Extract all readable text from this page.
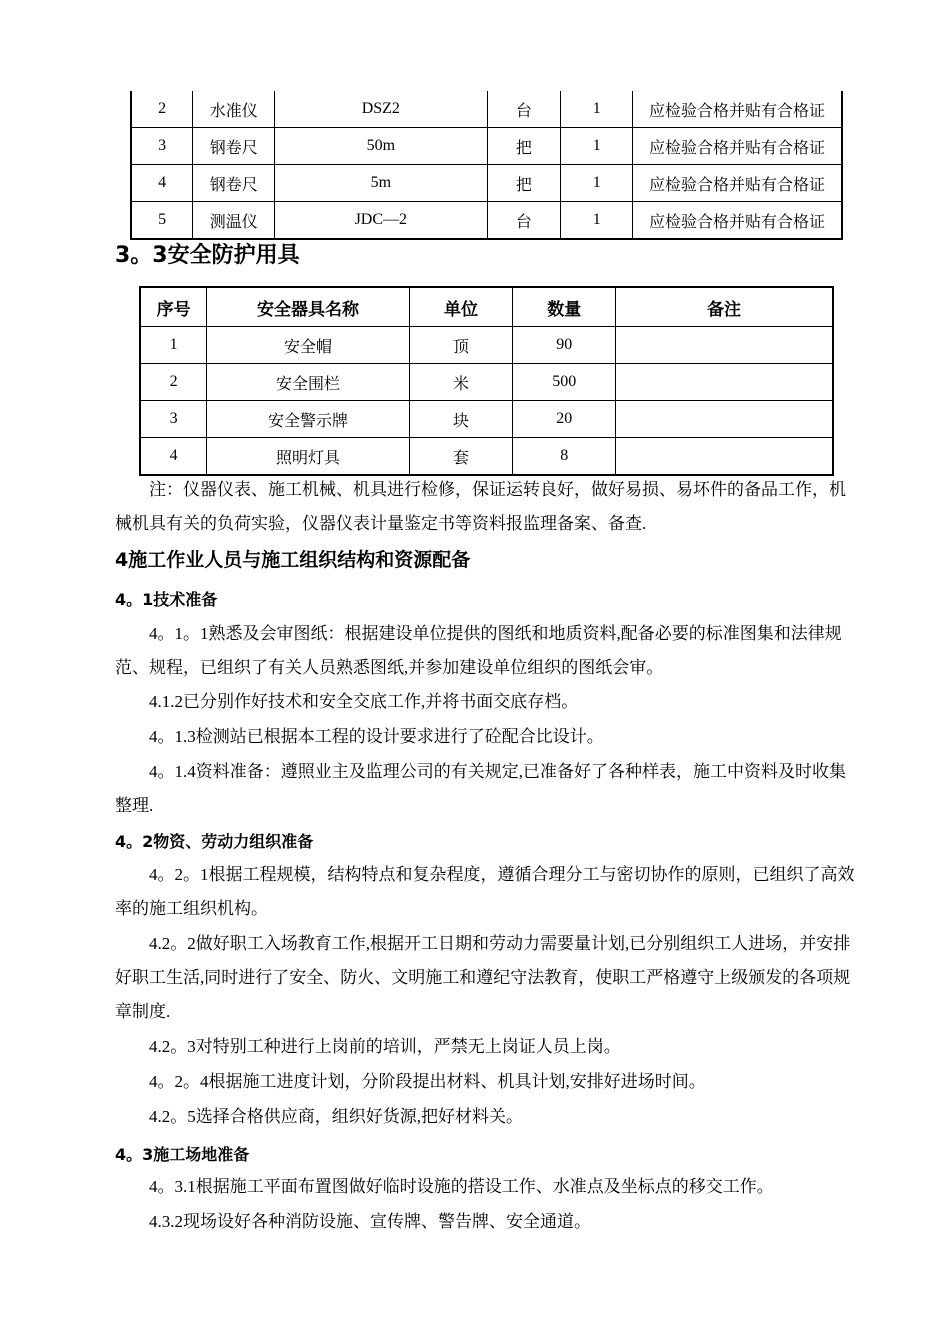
2	水准仪	DSZ2	台	1	应检验合格并贴有合格证
3	钢卷尺	50m	把	1	应检验合格并贴有合格证
4	钢卷尺	5m	把	1	应检验合格并贴有合格证
5	测温仪	JDC—2	台	1	应检验合格并贴有合格证
3。3安全防护用具
序号	安全器具名称	单位	数量	备注
1	安全帽	顶	90	
2	安全围栏	米	500	
3	安全警示牌	块	20	
4	照明灯具	套	8	

注：仪器仪表、施工机械、机具进行检修，保证运转良好，做好易损、易坏件的备品工作，机械机具有关的负荷实验，仪器仪表计量鉴定书等资料报监理备案、备查.

4施工作业人员与施工组织结构和资源配备
4。1技术准备

4。1。1熟悉及会审图纸：根据建设单位提供的图纸和地质资料,配备必要的标准图集和法律规范、规程，已组织了有关人员熟悉图纸,并参加建设单位组织的图纸会审。

4.1.2已分别作好技术和安全交底工作,并将书面交底存档。

4。1.3检测站已根据本工程的设计要求进行了砼配合比设计。

4。1.4资料准备：遵照业主及监理公司的有关规定,已准备好了各种样表，施工中资料及时收集整理.

4。2物资、劳动力组织准备

4。2。1根据工程规模，结构特点和复杂程度，遵循合理分工与密切协作的原则，已组织了高效率的施工组织机构。

4.2。2做好职工入场教育工作,根据开工日期和劳动力需要量计划,已分别组织工人进场，并安排好职工生活,同时进行了安全、防火、文明施工和遵纪守法教育，使职工严格遵守上级颁发的各项规章制度.

4.2。3对特别工种进行上岗前的培训，严禁无上岗证人员上岗。

4。2。4根据施工进度计划，分阶段提出材料、机具计划,安排好进场时间。

4.2。5选择合格供应商，组织好货源,把好材料关。

4。3施工场地准备

4。3.1根据施工平面布置图做好临时设施的搭设工作、水准点及坐标点的移交工作。

4.3.2现场设好各种消防设施、宣传牌、警告牌、安全通道。
